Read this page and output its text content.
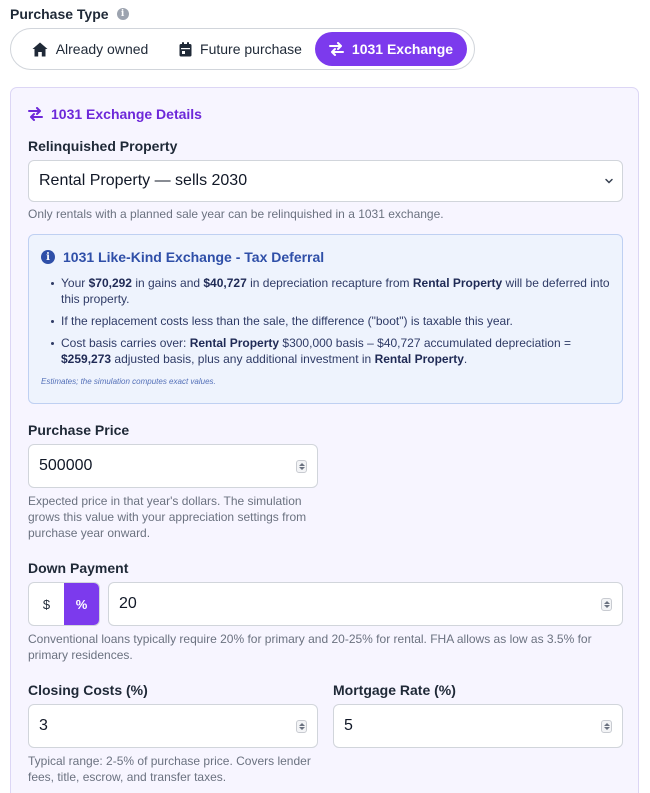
Purchase Type	i
Already owned	Future purchase	1031 Exchange
1031 Exchange Details
Relinquished Property
Rental Property — sells 2030
Only rentals with a planned sale year can be relinquished in a 1031 exchange.
i 1031 Like-Kind Exchange - Tax Deferral
Your $70,292 in gains and $40,727 in depreciation recapture from Rental Property will be deferred into this property.
If the replacement costs less than the sale, the difference ("boot") is taxable this year.
Cost basis carries over: Rental Property $300,000 basis – $40,727 accumulated depreciation = $259,273 adjusted basis, plus any additional investment in Rental Property.
Estimates; the simulation computes exact values.
Purchase Price
500000
Expected price in that year's dollars. The simulation grows this value with your appreciation settings from purchase year onward.
Down Payment
$	%	20
Conventional loans typically require 20% for primary and 20-25% for rental. FHA allows as low as 3.5% for primary residences.
Closing Costs (%)
3
Typical range: 2-5% of purchase price. Covers lender fees, title, escrow, and transfer taxes.
Mortgage Rate (%)
5
